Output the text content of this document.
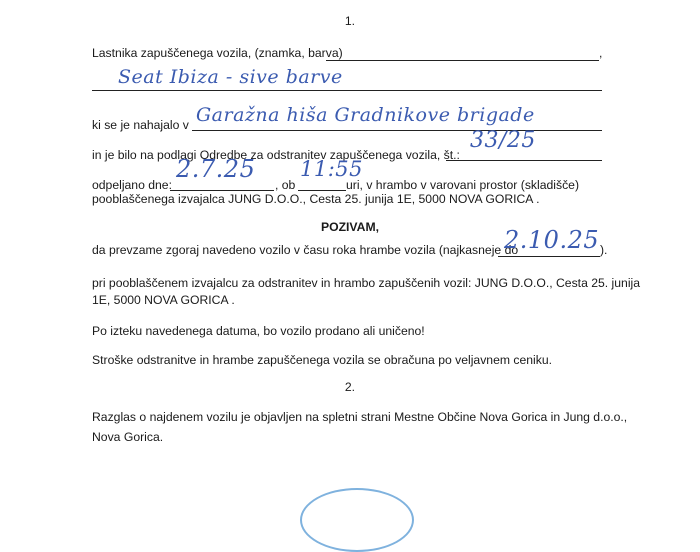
1.
Lastnika zapuščenega vozila, (znamka, barva)	,
Seat Ibiza - sive barve
ki se je nahajalo v Garažna hiša Gradnikove brigade
in je bilo na podlagi Odredbe za odstranitev zapuščenega vozila, št.:
33/25
odpeljano dne:
2.7.25
, ob
11:55
uri, v hrambo v varovani prostor (skladišče)
pooblaščenega izvajalca JUNG D.O.O., Cesta 25. junija 1E, 5000 NOVA GORICA .
POZIVAM,
da prevzame zgoraj navedeno vozilo v času roka hrambe vozila (najkasneje do
2.10.25 ).
pri pooblaščenem izvajalcu za odstranitev in hrambo zapuščenih vozil: JUNG D.O.O., Cesta 25. junija
1E, 5000 NOVA GORICA .
Po izteku navedenega datuma, bo vozilo prodano ali uničeno!
Stroške odstranitve in hrambe zapuščenega vozila se obračuna po veljavnem ceniku.
2.
Razglas o najdenem vozilu je objavljen na spletni strani Mestne Občine Nova Gorica in Jung d.o.o.,
Nova Gorica.
